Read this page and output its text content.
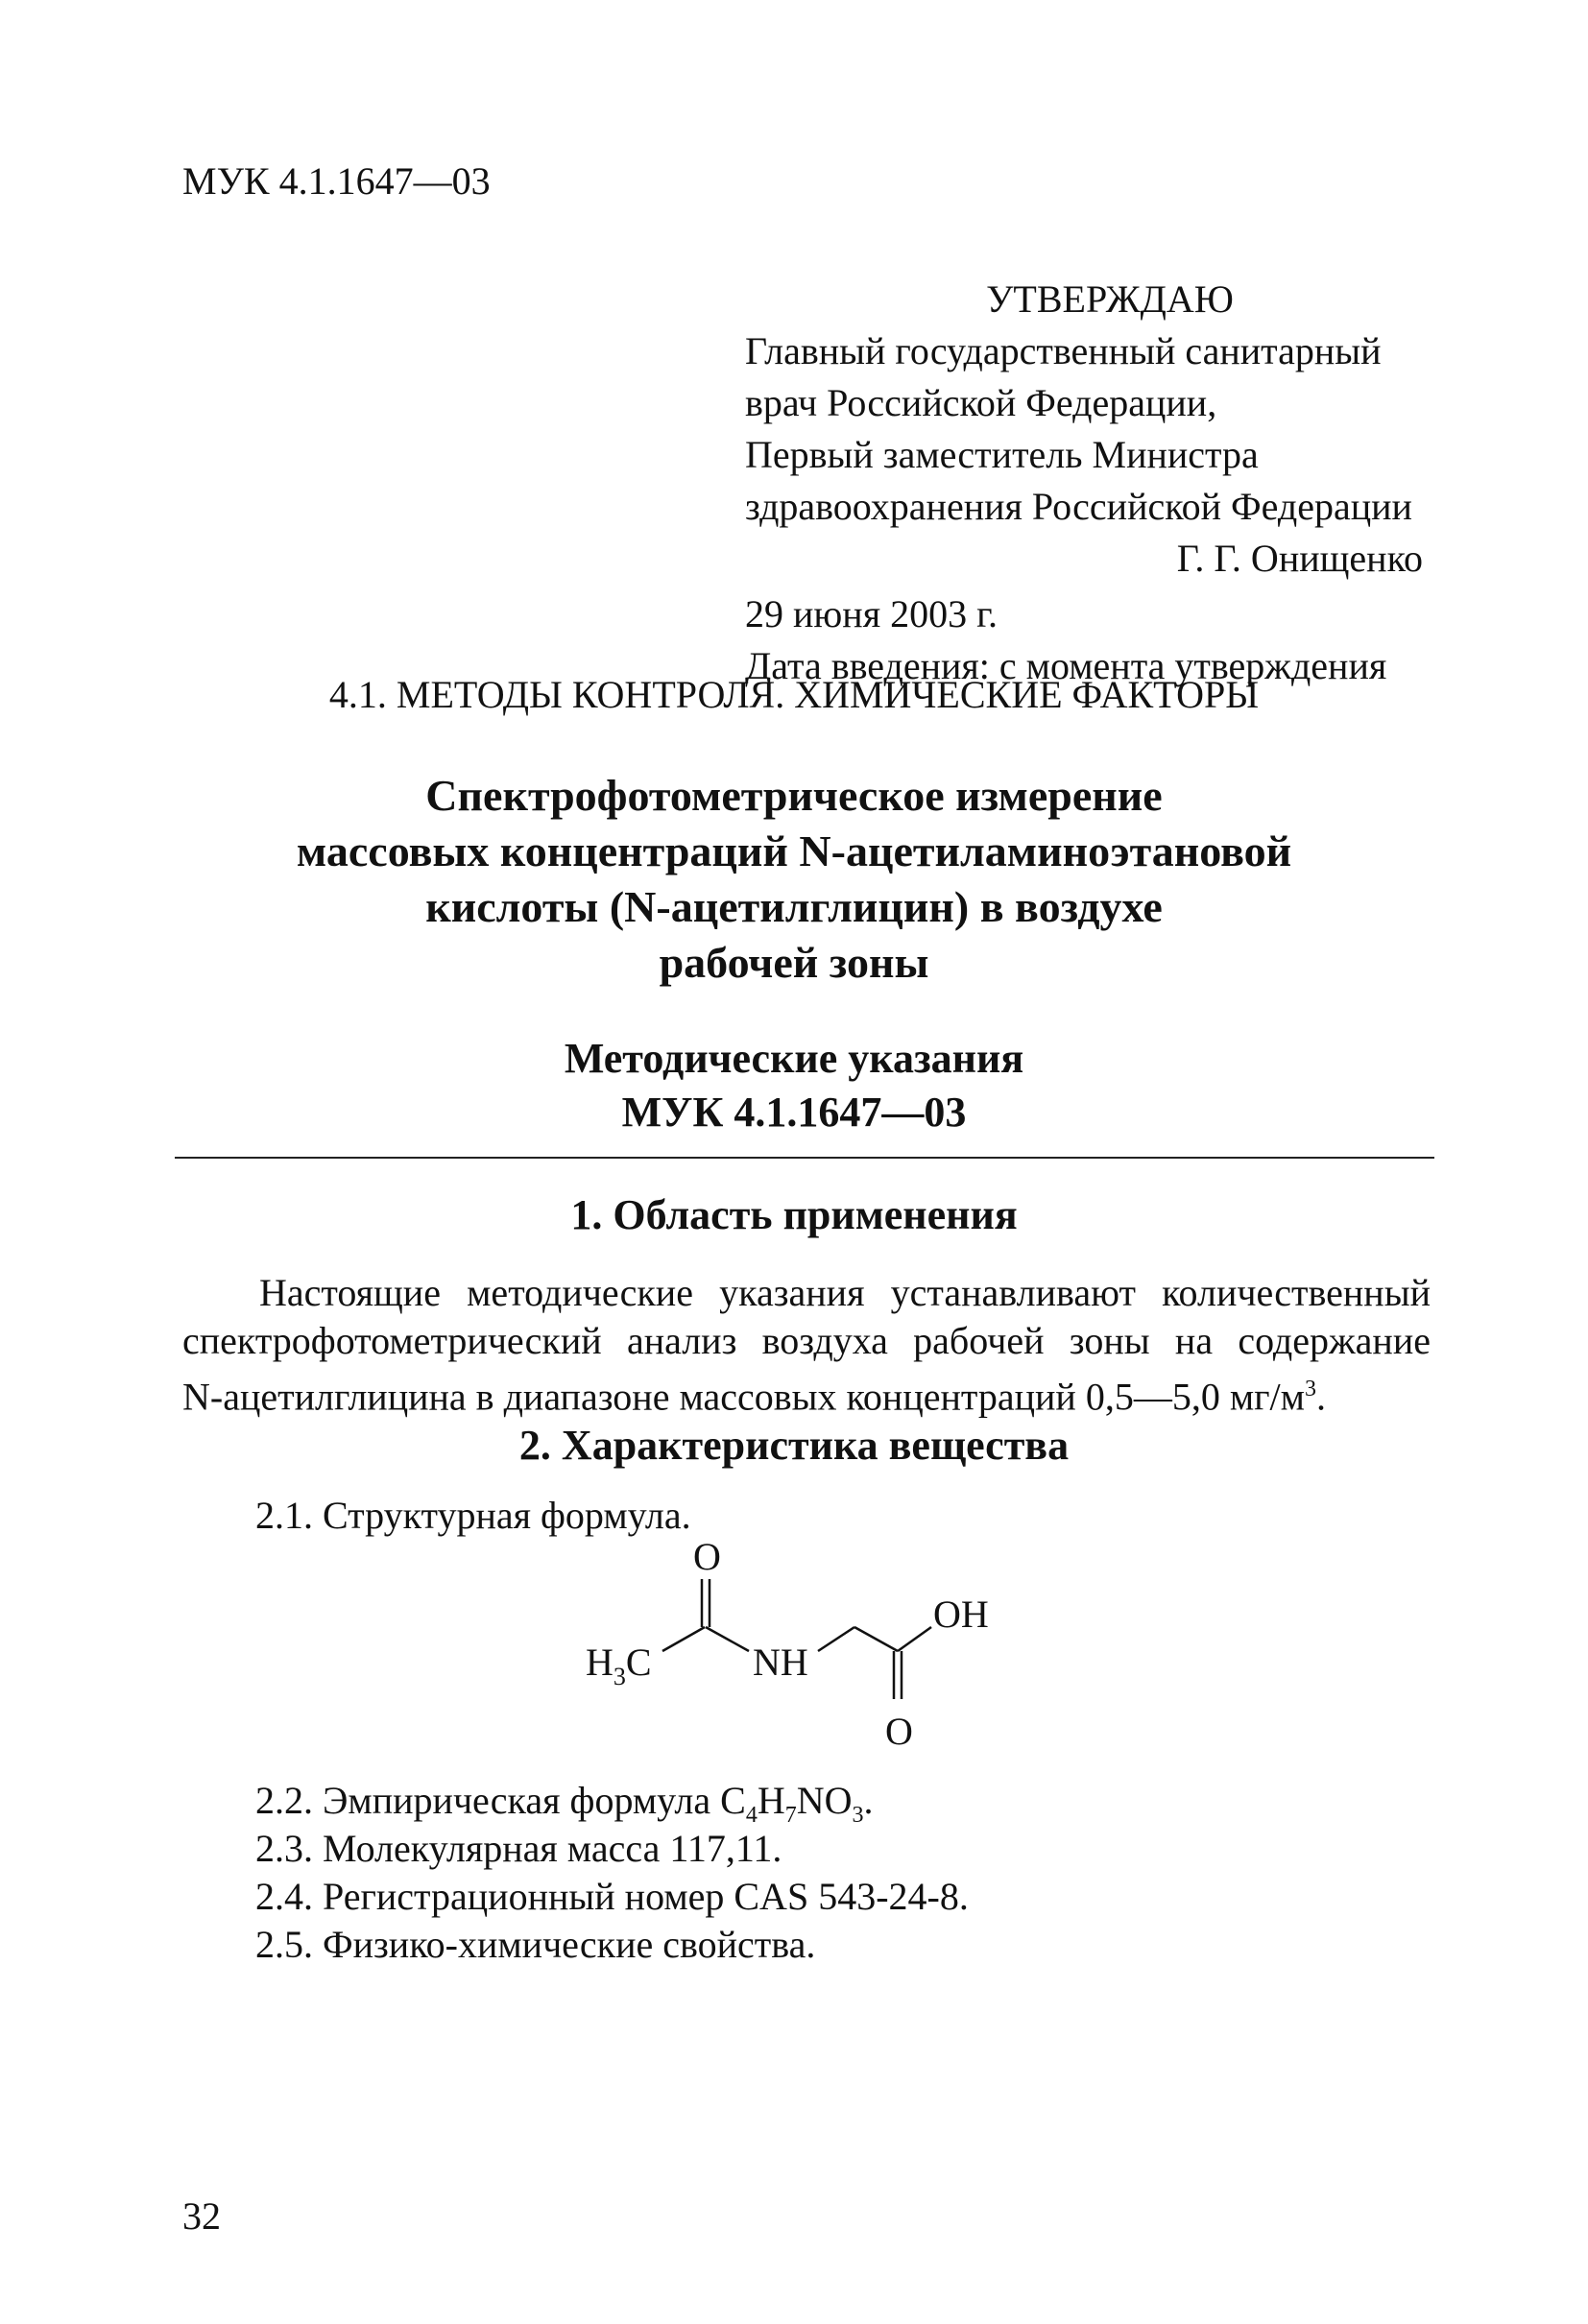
МУК 4.1.1647—03
УТВЕРЖДАЮ
Главный государственный санитарный
врач Российской Федерации,
Первый заместитель Министра
здравоохранения Российской Федерации
Г. Г. Онищенко
29 июня 2003 г.
Дата введения: с момента утверждения
4.1. МЕТОДЫ КОНТРОЛЯ. ХИМИЧЕСКИЕ ФАКТОРЫ
Спектрофотометрическое измерение
массовых концентраций N-ацетиламиноэтановой
кислоты (N-ацетилглицин) в воздухе
рабочей зоны
Методические указания
МУК 4.1.1647—03
1. Область применения
Настоящие методические указания устанавливают количественный
спектрофотометрический анализ воздуха рабочей зоны на содержание
N-ацетилглицина в диапазоне массовых концентраций 0,5—5,0 $мг/м^3$.
2. Характеристика вещества
2.1. Структурная формула.
O
$H_3C$	NH
OH
O
2.2. Эмпирическая формула $C_4H_7NO_3$.
2.3. Молекулярная масса 117,11.
2.4. Регистрационный номер CAS 543-24-8.
2.5. Физико-химические свойства.
32
